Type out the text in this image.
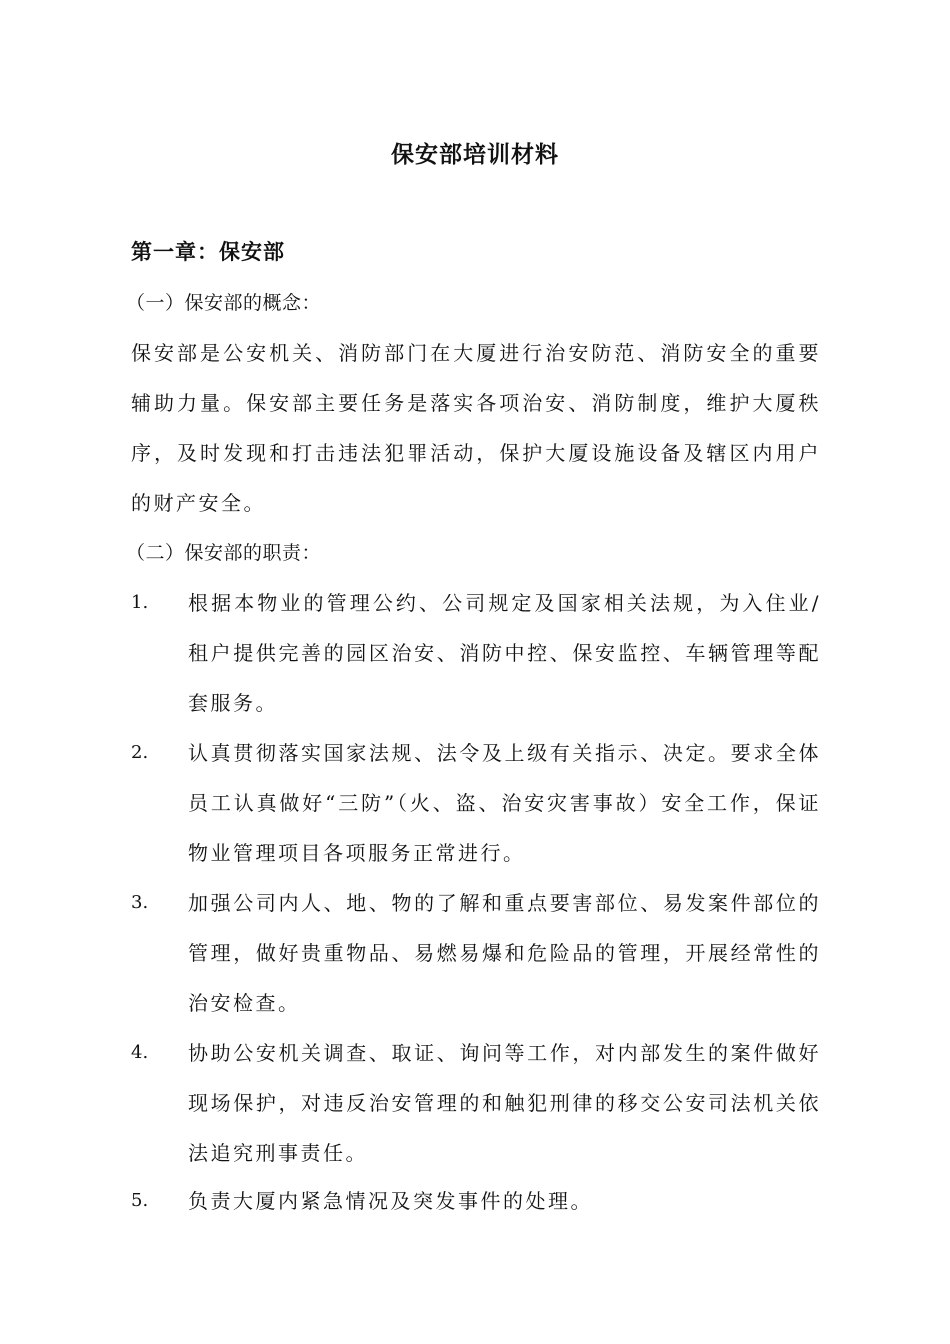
保安部培训材料
第一章：保安部
（一）保安部的概念：
保安部是公安机关、消防部门在大厦进行治安防范、消防安全的重要辅助力量。保安部主要任务是落实各项治安、消防制度，维护大厦秩序，及时发现和打击违法犯罪活动，保护大厦设施设备及辖区内用户的财产安全。
（二）保安部的职责：
1. 根据本物业的管理公约、公司规定及国家相关法规，为入住业/租户提供完善的园区治安、消防中控、保安监控、车辆管理等配套服务。
2. 认真贯彻落实国家法规、法令及上级有关指示、决定。要求全体员工认真做好“三防”（火、盗、治安灾害事故）安全工作，保证物业管理项目各项服务正常进行。
3. 加强公司内人、地、物的了解和重点要害部位、易发案件部位的管理，做好贵重物品、易燃易爆和危险品的管理，开展经常性的治安检查。
4. 协助公安机关调查、取证、询问等工作，对内部发生的案件做好现场保护，对违反治安管理的和触犯刑律的移交公安司法机关依法追究刑事责任。
5. 负责大厦内紧急情况及突发事件的处理。
